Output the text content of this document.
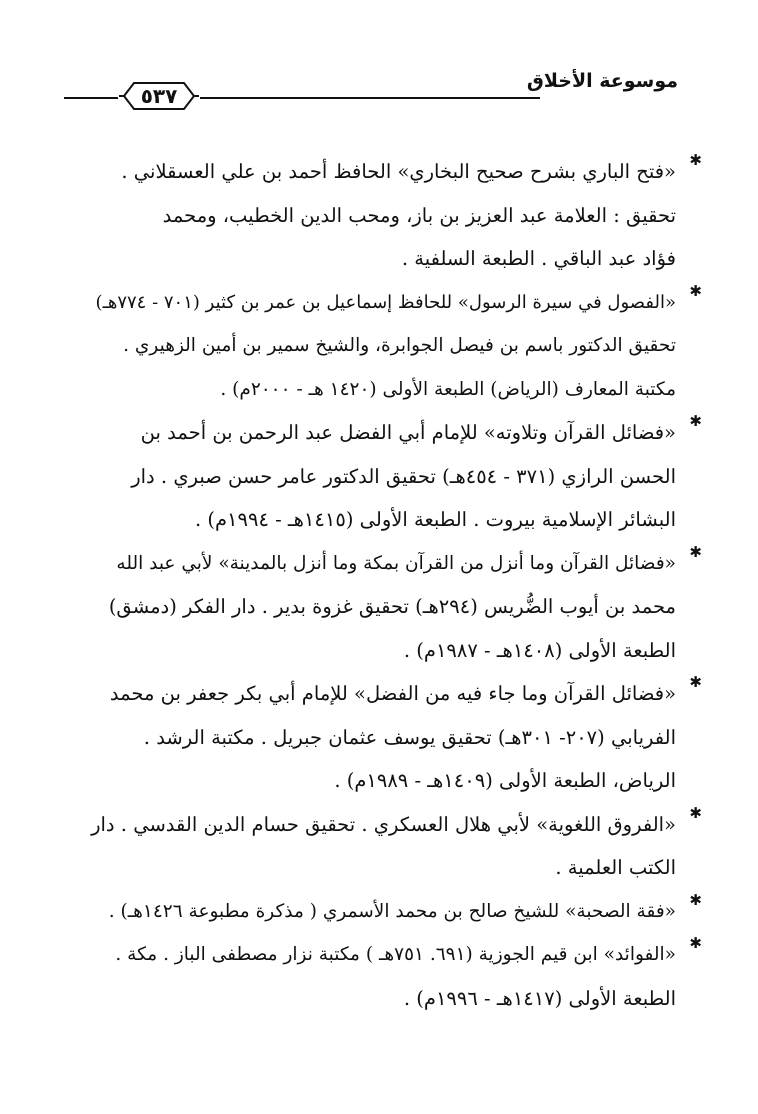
موسوعة الأخلاق
٥٣٧
✱

«فتح الباري بشرح صحيح البخاري» الحافظ أحمد بن علي العسقلاني .

تحقيق : العلامة عبد العزيز بن باز، ومحب الدين الخطيب، ومحمد

فؤاد عبد الباقي . الطبعة السلفية .

✱

«الفصول في سيرة الرسول» للحافظ إسماعيل بن عمر بن كثير (٧٠١ - ٧٧٤هـ)

تحقيق الدكتور باسم بن فيصل الجوابرة، والشيخ سمير بن أمين الزهيري .

مكتبة المعارف (الرياض) الطبعة الأولى (١٤٢٠ هـ - ٢٠٠٠م) .

✱

«فضائل القرآن وتلاوته» للإمام أبي الفضل عبد الرحمن بن أحمد بن

الحسن الرازي (٣٧١ - ٤٥٤هـ) تحقيق الدكتور عامر حسن صبري . دار

البشائر الإسلامية بيروت . الطبعة الأولى (١٤١٥هـ - ١٩٩٤م) .

✱

«فضائل القرآن وما أنزل من القرآن بمكة وما أنزل بالمدينة» لأبي عبد الله

محمد بن أيوب الضُّريس (٢٩٤هـ) تحقيق غزوة بدير . دار الفكر (دمشق)

الطبعة الأولى (١٤٠٨هـ - ١٩٨٧م) .

✱

«فضائل القرآن وما جاء فيه من الفضل» للإمام أبي بكر جعفر بن محمد

الفريابي (٢٠٧- ٣٠١هـ) تحقيق يوسف عثمان جبريل . مكتبة الرشد .

الرياض، الطبعة الأولى (١٤٠٩هـ - ١٩٨٩م) .

✱

«الفروق اللغوية» لأبي هلال العسكري . تحقيق حسام الدين القدسي . دار

الكتب العلمية .

✱

«فقة الصحبة» للشيخ صالح بن محمد الأسمري ( مذكرة مطبوعة ١٤٢٦هـ) .

✱

«الفوائد» ابن قيم الجوزية (٦٩١. ٧٥١هـ ) مكتبة نزار مصطفى الباز . مكة .

الطبعة الأولى (١٤١٧هـ - ١٩٩٦م) .
